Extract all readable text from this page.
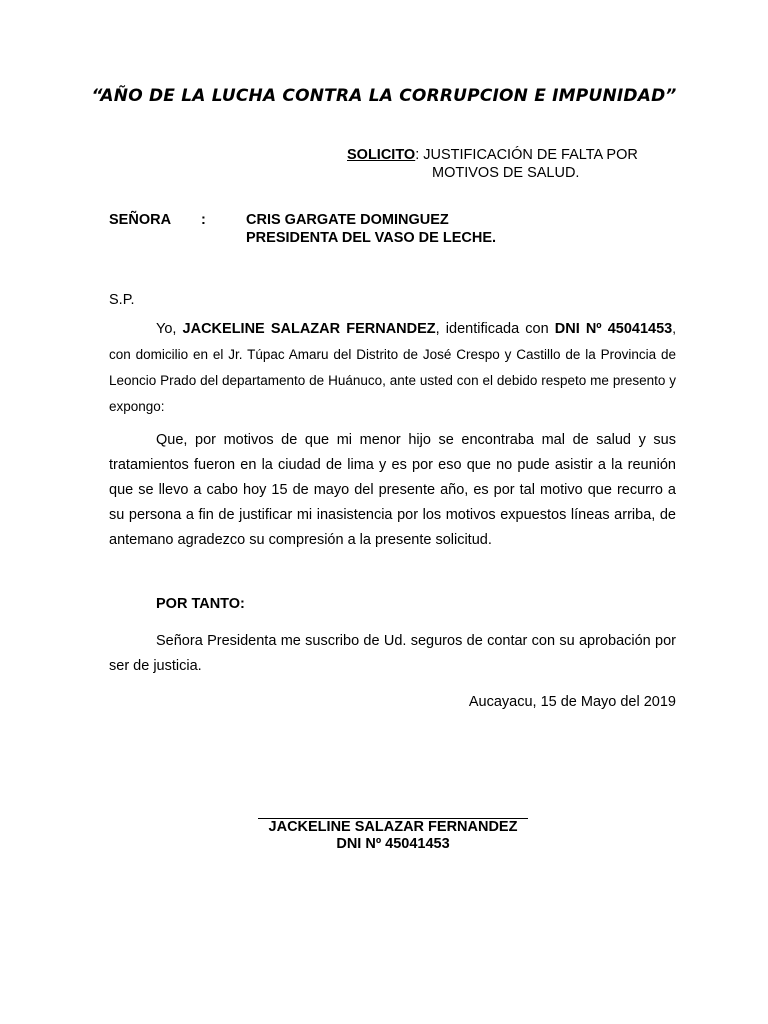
“AÑO DE LA LUCHA CONTRA LA CORRUPCION E IMPUNIDAD”
SOLICITO: JUSTIFICACIÓN DE FALTA POR
MOTIVOS DE SALUD.
SEÑORA :	CRIS GARGATE DOMINGUEZ
PRESIDENTA DEL VASO DE LECHE.
S.P.
Yo, JACKELINE SALAZAR FERNANDEZ, identificada con DNI Nº 45041453, con domicilio en el Jr. Túpac Amaru del Distrito de José Crespo y Castillo de la Provincia de Leoncio Prado del departamento de Huánuco, ante usted con el debido respeto me presento y expongo:
Que, por motivos de que mi menor hijo se encontraba mal de salud y sus tratamientos fueron en la ciudad de lima y es por eso que no pude asistir a la reunión que se llevo a cabo hoy 15 de mayo del presente año, es por tal motivo que recurro a su persona a fin de justificar mi inasistencia por los motivos expuestos líneas arriba, de antemano agradezco su compresión a la presente solicitud.
POR TANTO:
Señora Presidenta me suscribo de Ud. seguros de contar con su aprobación por ser de justicia.
Aucayacu, 15 de Mayo del 2019
JACKELINE SALAZAR FERNANDEZ
DNI Nº 45041453
